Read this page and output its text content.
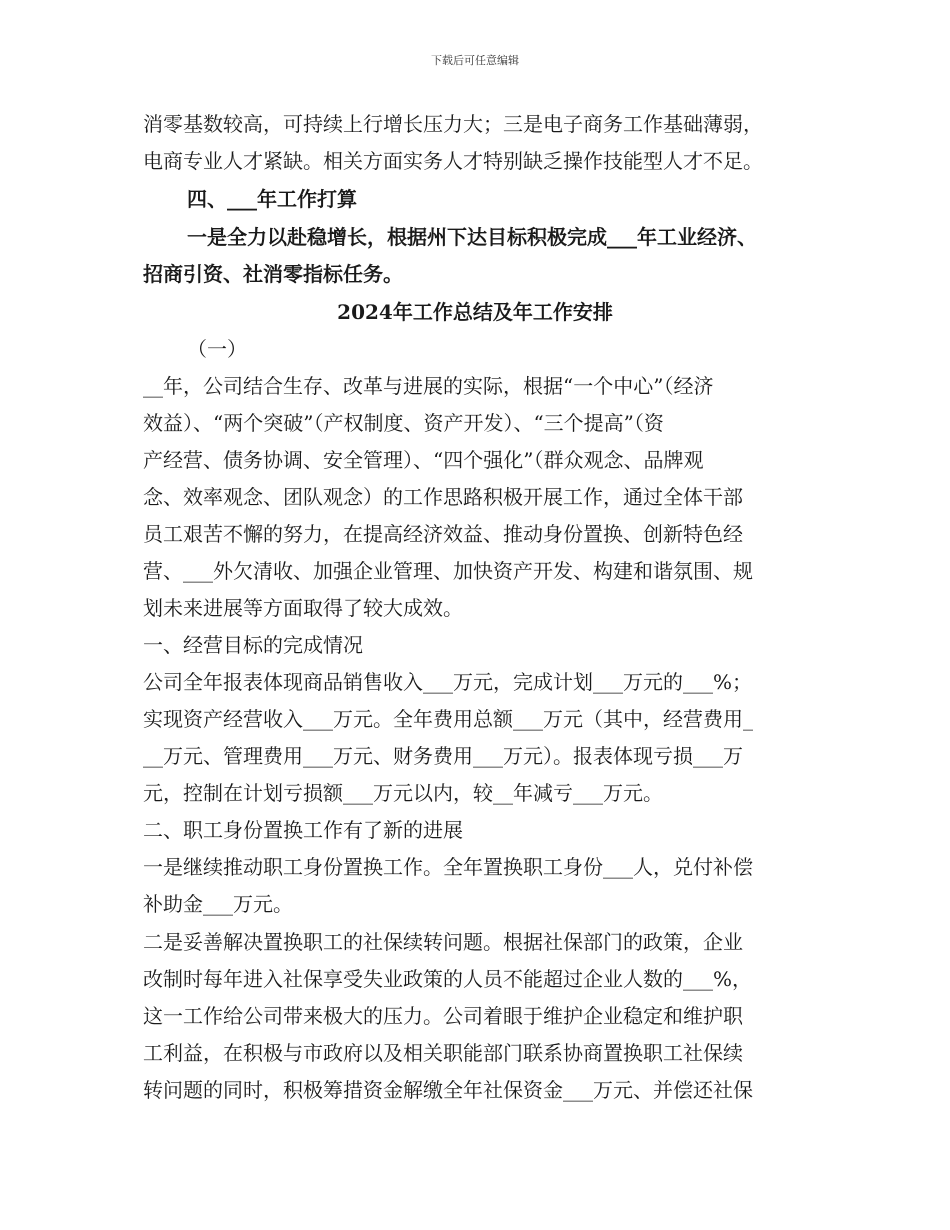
下载后可任意编辑
消零基数较高，可持续上行增长压力大；三是电子商务工作基础薄弱，
电商专业人才紧缺。相关方面实务人才特别缺乏操作技能型人才不足。
四、___年工作打算
一是全力以赴稳增长，根据州下达目标积极完成___年工业经济、
招商引资、社消零指标任务。
2024年工作总结及年工作安排
（一）
__年，公司结合生存、改革与进展的实际，根据“一个中心”（经济
效益）、“两个突破”（产权制度、资产开发）、“三个提高”（资
产经营、债务协调、安全管理）、“四个强化”（群众观念、品牌观
念、效率观念、团队观念）的工作思路积极开展工作，通过全体干部
员工艰苦不懈的努力，在提高经济效益、推动身份置换、创新特色经
营、___外欠清收、加强企业管理、加快资产开发、构建和谐氛围、规
划未来进展等方面取得了较大成效。
一、经营目标的完成情况
公司全年报表体现商品销售收入___万元，完成计划___万元的___%；
实现资产经营收入___万元。全年费用总额___万元（其中，经营费用_
__万元、管理费用___万元、财务费用___万元）。报表体现亏损___万
元，控制在计划亏损额___万元以内，较__年减亏___万元。
二、职工身份置换工作有了新的进展
一是继续推动职工身份置换工作。全年置换职工身份___人，兑付补偿
补助金___万元。
二是妥善解决置换职工的社保续转问题。根据社保部门的政策，企业
改制时每年进入社保享受失业政策的人员不能超过企业人数的___%，
这一工作给公司带来极大的压力。公司着眼于维护企业稳定和维护职
工利益，在积极与市政府以及相关职能部门联系协商置换职工社保续
转问题的同时，积极筹措资金解缴全年社保资金___万元、并偿还社保
